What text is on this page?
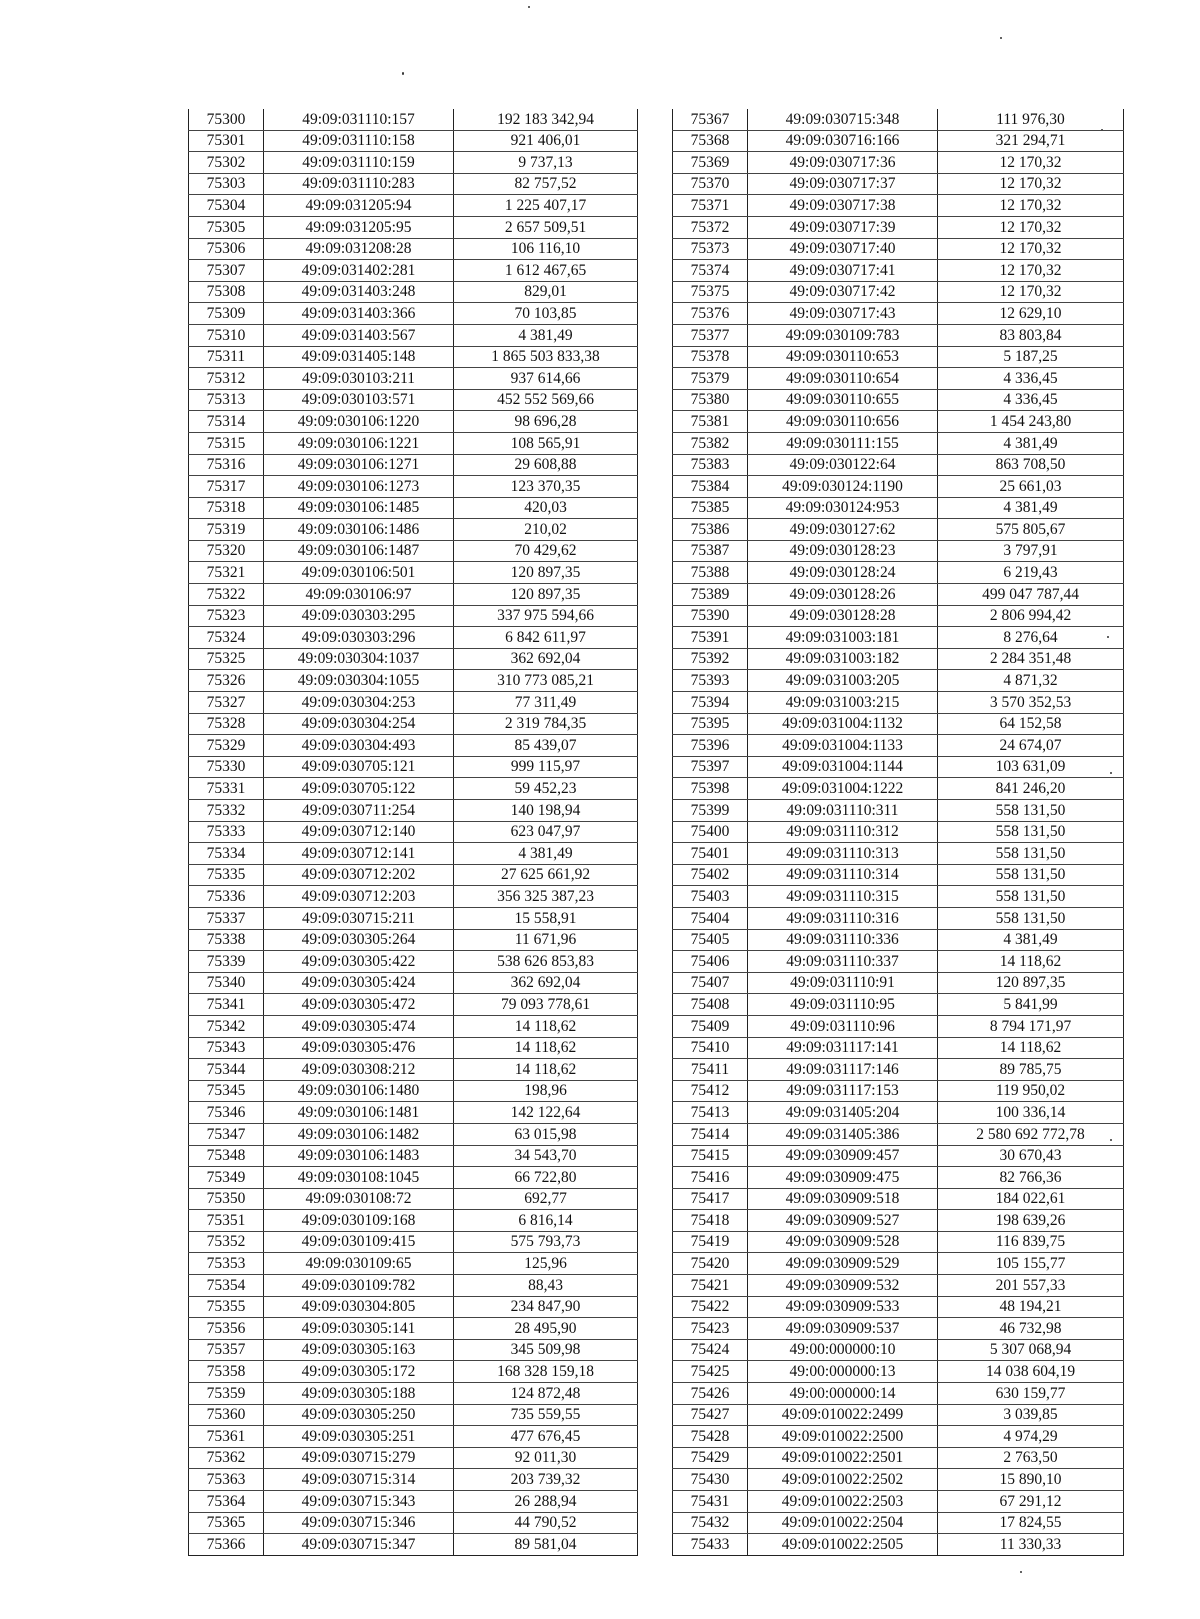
75300	49:09:031110:157	192 183 342,94
75301	49:09:031110:158	921 406,01
75302	49:09:031110:159	9 737,13
75303	49:09:031110:283	82 757,52
75304	49:09:031205:94	1 225 407,17
75305	49:09:031205:95	2 657 509,51
75306	49:09:031208:28	106 116,10
75307	49:09:031402:281	1 612 467,65
75308	49:09:031403:248	829,01
75309	49:09:031403:366	70 103,85
75310	49:09:031403:567	4 381,49
75311	49:09:031405:148	1 865 503 833,38
75312	49:09:030103:211	937 614,66
75313	49:09:030103:571	452 552 569,66
75314	49:09:030106:1220	98 696,28
75315	49:09:030106:1221	108 565,91
75316	49:09:030106:1271	29 608,88
75317	49:09:030106:1273	123 370,35
75318	49:09:030106:1485	420,03
75319	49:09:030106:1486	210,02
75320	49:09:030106:1487	70 429,62
75321	49:09:030106:501	120 897,35
75322	49:09:030106:97	120 897,35
75323	49:09:030303:295	337 975 594,66
75324	49:09:030303:296	6 842 611,97
75325	49:09:030304:1037	362 692,04
75326	49:09:030304:1055	310 773 085,21
75327	49:09:030304:253	77 311,49
75328	49:09:030304:254	2 319 784,35
75329	49:09:030304:493	85 439,07
75330	49:09:030705:121	999 115,97
75331	49:09:030705:122	59 452,23
75332	49:09:030711:254	140 198,94
75333	49:09:030712:140	623 047,97
75334	49:09:030712:141	4 381,49
75335	49:09:030712:202	27 625 661,92
75336	49:09:030712:203	356 325 387,23
75337	49:09:030715:211	15 558,91
75338	49:09:030305:264	11 671,96
75339	49:09:030305:422	538 626 853,83
75340	49:09:030305:424	362 692,04
75341	49:09:030305:472	79 093 778,61
75342	49:09:030305:474	14 118,62
75343	49:09:030305:476	14 118,62
75344	49:09:030308:212	14 118,62
75345	49:09:030106:1480	198,96
75346	49:09:030106:1481	142 122,64
75347	49:09:030106:1482	63 015,98
75348	49:09:030106:1483	34 543,70
75349	49:09:030108:1045	66 722,80
75350	49:09:030108:72	692,77
75351	49:09:030109:168	6 816,14
75352	49:09:030109:415	575 793,73
75353	49:09:030109:65	125,96
75354	49:09:030109:782	88,43
75355	49:09:030304:805	234 847,90
75356	49:09:030305:141	28 495,90
75357	49:09:030305:163	345 509,98
75358	49:09:030305:172	168 328 159,18
75359	49:09:030305:188	124 872,48
75360	49:09:030305:250	735 559,55
75361	49:09:030305:251	477 676,45
75362	49:09:030715:279	92 011,30
75363	49:09:030715:314	203 739,32
75364	49:09:030715:343	26 288,94
75365	49:09:030715:346	44 790,52
75366	49:09:030715:347	89 581,04
75367	49:09:030715:348	111 976,30
75368	49:09:030716:166	321 294,71
75369	49:09:030717:36	12 170,32
75370	49:09:030717:37	12 170,32
75371	49:09:030717:38	12 170,32
75372	49:09:030717:39	12 170,32
75373	49:09:030717:40	12 170,32
75374	49:09:030717:41	12 170,32
75375	49:09:030717:42	12 170,32
75376	49:09:030717:43	12 629,10
75377	49:09:030109:783	83 803,84
75378	49:09:030110:653	5 187,25
75379	49:09:030110:654	4 336,45
75380	49:09:030110:655	4 336,45
75381	49:09:030110:656	1 454 243,80
75382	49:09:030111:155	4 381,49
75383	49:09:030122:64	863 708,50
75384	49:09:030124:1190	25 661,03
75385	49:09:030124:953	4 381,49
75386	49:09:030127:62	575 805,67
75387	49:09:030128:23	3 797,91
75388	49:09:030128:24	6 219,43
75389	49:09:030128:26	499 047 787,44
75390	49:09:030128:28	2 806 994,42
75391	49:09:031003:181	8 276,64
75392	49:09:031003:182	2 284 351,48
75393	49:09:031003:205	4 871,32
75394	49:09:031003:215	3 570 352,53
75395	49:09:031004:1132	64 152,58
75396	49:09:031004:1133	24 674,07
75397	49:09:031004:1144	103 631,09
75398	49:09:031004:1222	841 246,20
75399	49:09:031110:311	558 131,50
75400	49:09:031110:312	558 131,50
75401	49:09:031110:313	558 131,50
75402	49:09:031110:314	558 131,50
75403	49:09:031110:315	558 131,50
75404	49:09:031110:316	558 131,50
75405	49:09:031110:336	4 381,49
75406	49:09:031110:337	14 118,62
75407	49:09:031110:91	120 897,35
75408	49:09:031110:95	5 841,99
75409	49:09:031110:96	8 794 171,97
75410	49:09:031117:141	14 118,62
75411	49:09:031117:146	89 785,75
75412	49:09:031117:153	119 950,02
75413	49:09:031405:204	100 336,14
75414	49:09:031405:386	2 580 692 772,78
75415	49:09:030909:457	30 670,43
75416	49:09:030909:475	82 766,36
75417	49:09:030909:518	184 022,61
75418	49:09:030909:527	198 639,26
75419	49:09:030909:528	116 839,75
75420	49:09:030909:529	105 155,77
75421	49:09:030909:532	201 557,33
75422	49:09:030909:533	48 194,21
75423	49:09:030909:537	46 732,98
75424	49:00:000000:10	5 307 068,94
75425	49:00:000000:13	14 038 604,19
75426	49:00:000000:14	630 159,77
75427	49:09:010022:2499	3 039,85
75428	49:09:010022:2500	4 974,29
75429	49:09:010022:2501	2 763,50
75430	49:09:010022:2502	15 890,10
75431	49:09:010022:2503	67 291,12
75432	49:09:010022:2504	17 824,55
75433	49:09:010022:2505	11 330,33
